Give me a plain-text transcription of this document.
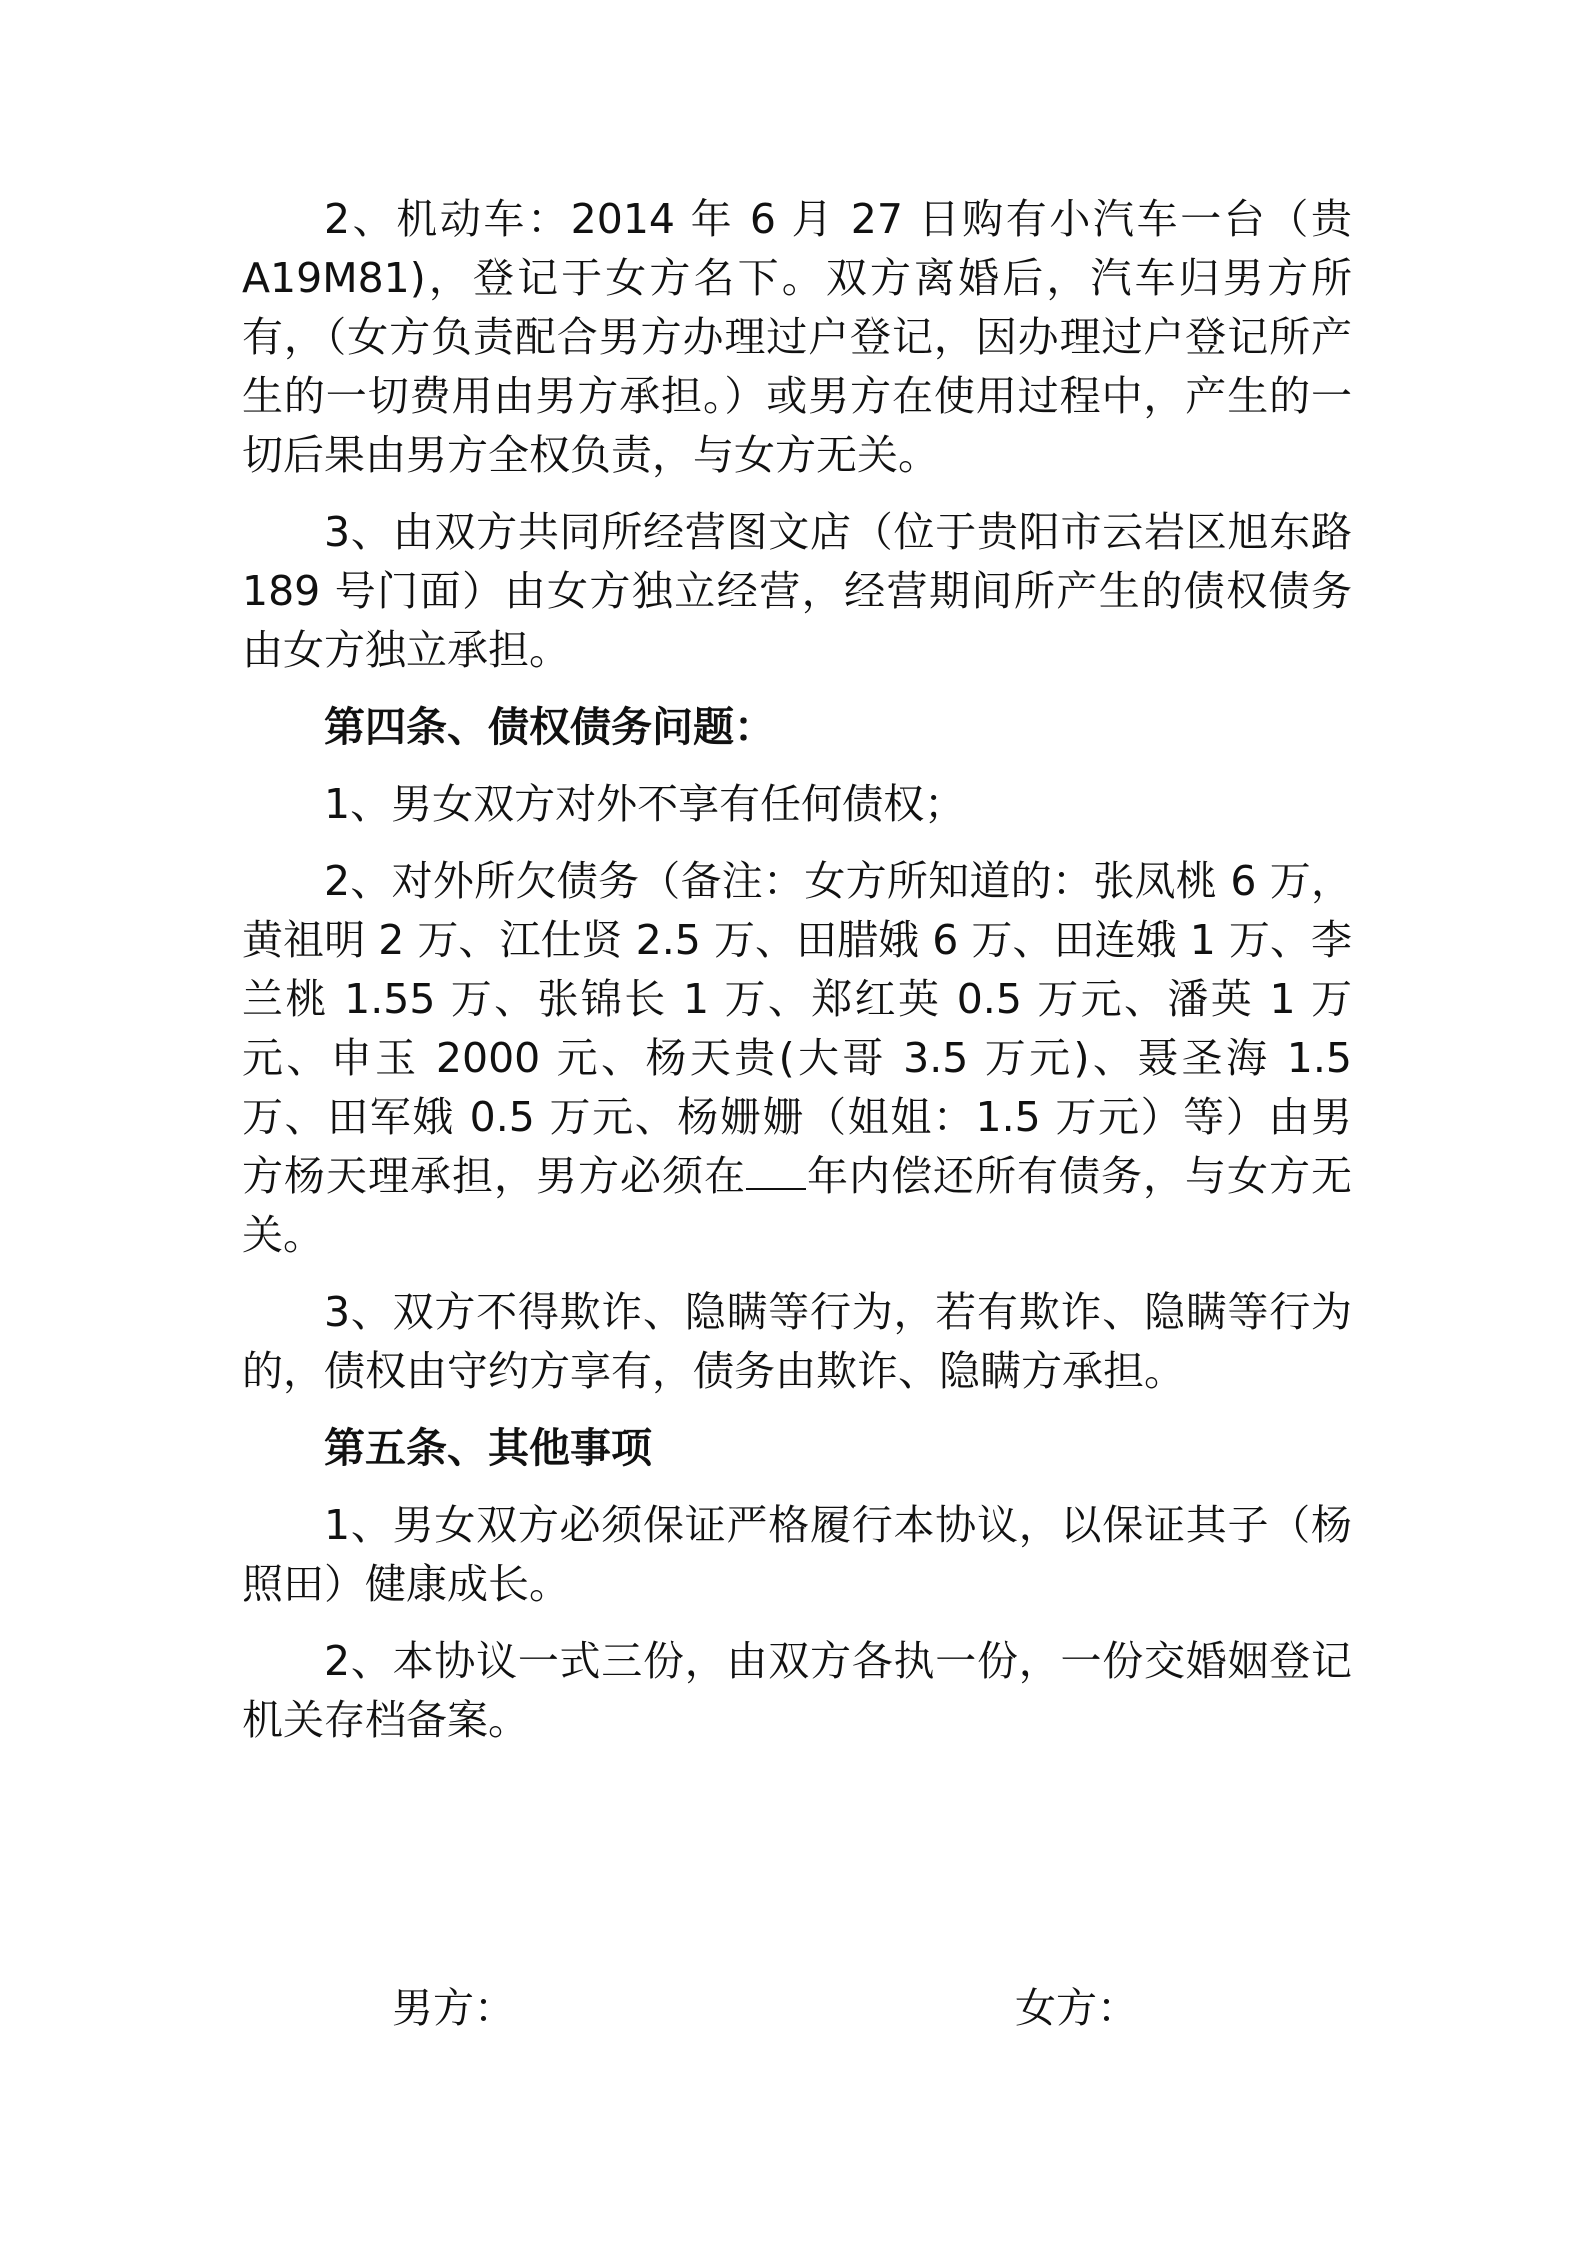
2、机动车：2014 年 6 月 27 日购有小汽车一台（贵A19M81)，登记于女方名下。双方离婚后，汽车归男方所有，（女方负责配合男方办理过户登记，因办理过户登记所产生的一切费用由男方承担。）或男方在使用过程中，产生的一切后果由男方全权负责，与女方无关。

3、由双方共同所经营图文店（位于贵阳市云岩区旭东路 189 号门面）由女方独立经营，经营期间所产生的债权债务由女方独立承担。

第四条、债权债务问题：

1、男女双方对外不享有任何债权；

2、对外所欠债务（备注：女方所知道的：张凤桃 6 万，黄祖明 2 万、江仕贤 2.5 万、田腊娥 6 万、田连娥 1 万、李兰桃 1.55 万、张锦长 1 万、郑红英 0.5 万元、潘英 1 万元、申玉 2000 元、杨天贵(大哥 3.5 万元)、聂圣海 1.5 万、田军娥 0.5 万元、杨姗姗（姐姐：1.5 万元）等）由男方杨天理承担，男方必须在 年内偿还所有债务，与女方无关。

3、双方不得欺诈、隐瞒等行为，若有欺诈、隐瞒等行为的，债权由守约方享有，债务由欺诈、隐瞒方承担。

第五条、其他事项

1、男女双方必须保证严格履行本协议，以保证其子（杨照田）健康成长。

2、本协议一式三份，由双方各执一份，一份交婚姻登记机关存档备案。

男方：	女方：
